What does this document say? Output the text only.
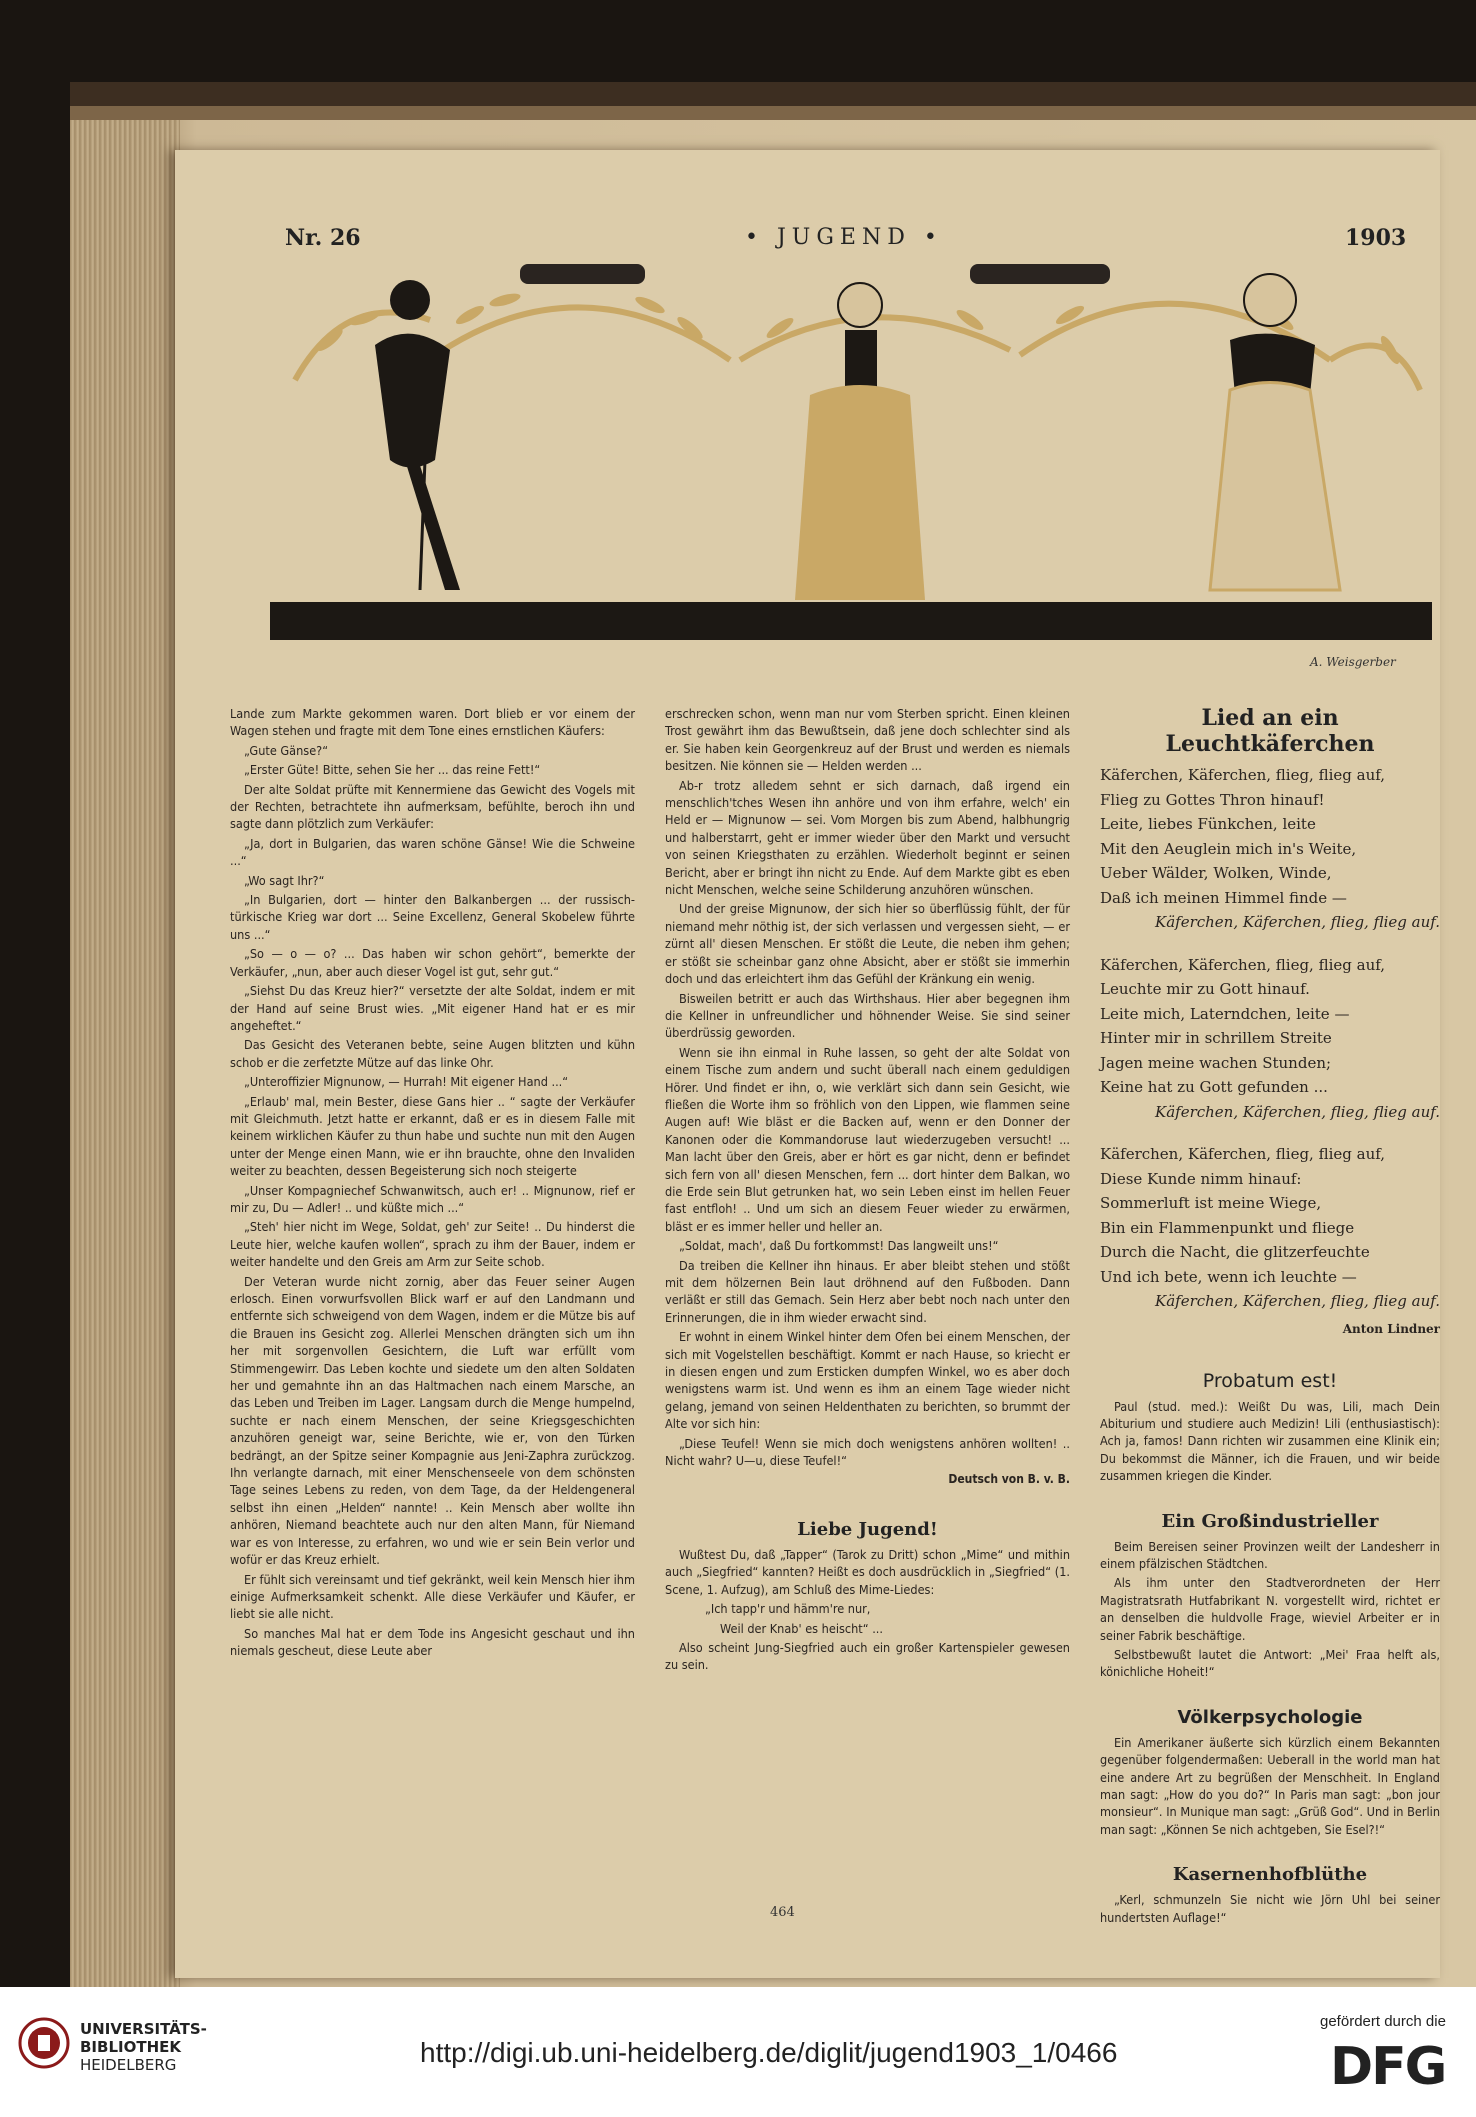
Nr. 26	• JUGEND •	1903
A. Weisgerber

Lande zum Markte gekommen waren. Dort blieb er vor einem der Wagen stehen und fragte mit dem Tone eines ernstlichen Käufers:

„Gute Gänse?“

„Erster Güte! Bitte, sehen Sie her ... das reine Fett!“

Der alte Soldat prüfte mit Kennermiene das Gewicht des Vogels mit der Rechten, betrachtete ihn aufmerksam, befühlte, beroch ihn und sagte dann plötzlich zum Verkäufer:

„Ja, dort in Bulgarien, das waren schöne Gänse! Wie die Schweine ...“

„Wo sagt Ihr?“

„In Bulgarien, dort — hinter den Balkanbergen ... der russisch-türkische Krieg war dort ... Seine Excellenz, General Skobelew führte uns ...“

„So — o — o? ... Das haben wir schon gehört“, bemerkte der Verkäufer, „nun, aber auch dieser Vogel ist gut, sehr gut.“

„Siehst Du das Kreuz hier?“ versetzte der alte Soldat, indem er mit der Hand auf seine Brust wies. „Mit eigener Hand hat er es mir angeheftet.“

Das Gesicht des Veteranen bebte, seine Augen blitzten und kühn schob er die zerfetzte Mütze auf das linke Ohr.

„Unteroffizier Mignunow, — Hurrah! Mit eigener Hand ...“

„Erlaub' mal, mein Bester, diese Gans hier .. “ sagte der Verkäufer mit Gleichmuth. Jetzt hatte er erkannt, daß er es in diesem Falle mit keinem wirklichen Käufer zu thun habe und suchte nun mit den Augen unter der Menge einen Mann, wie er ihn brauchte, ohne den Invaliden weiter zu beachten, dessen Begeisterung sich noch steigerte

„Unser Kompagniechef Schwanwitsch, auch er! .. Mignunow, rief er mir zu, Du — Adler! .. und küßte mich ...“

„Steh' hier nicht im Wege, Soldat, geh' zur Seite! .. Du hinderst die Leute hier, welche kaufen wollen“, sprach zu ihm der Bauer, indem er weiter handelte und den Greis am Arm zur Seite schob.

Der Veteran wurde nicht zornig, aber das Feuer seiner Augen erlosch. Einen vorwurfsvollen Blick warf er auf den Landmann und entfernte sich schweigend von dem Wagen, indem er die Mütze bis auf die Brauen ins Gesicht zog. Allerlei Menschen drängten sich um ihn her mit sorgenvollen Gesichtern, die Luft war erfüllt vom Stimmengewirr. Das Leben kochte und siedete um den alten Soldaten her und gemahnte ihn an das Haltmachen nach einem Marsche, an das Leben und Treiben im Lager. Langsam durch die Menge humpelnd, suchte er nach einem Menschen, der seine Kriegsgeschichten anzuhören geneigt war, seine Berichte, wie er, von den Türken bedrängt, an der Spitze seiner Kompagnie aus Jeni-Zaphra zurückzog. Ihn verlangte darnach, mit einer Menschenseele von dem schönsten Tage seines Lebens zu reden, von dem Tage, da der Heldengeneral selbst ihn einen „Helden“ nannte! .. Kein Mensch aber wollte ihn anhören, Niemand beachtete auch nur den alten Mann, für Niemand war es von Interesse, zu erfahren, wo und wie er sein Bein verlor und wofür er das Kreuz erhielt.

Er fühlt sich vereinsamt und tief gekränkt, weil kein Mensch hier ihm einige Aufmerksamkeit schenkt. Alle diese Verkäufer und Käufer, er liebt sie alle nicht.

So manches Mal hat er dem Tode ins Angesicht geschaut und ihn niemals gescheut, diese Leute aber

erschrecken schon, wenn man nur vom Sterben spricht. Einen kleinen Trost gewährt ihm das Bewußtsein, daß jene doch schlechter sind als er. Sie haben kein Georgenkreuz auf der Brust und werden es niemals besitzen. Nie können sie — Helden werden ...

Ab-r trotz alledem sehnt er sich darnach, daß irgend ein menschlich'tches Wesen ihn anhöre und von ihm erfahre, welch' ein Held er — Mignunow — sei. Vom Morgen bis zum Abend, halbhungrig und halberstarrt, geht er immer wieder über den Markt und versucht von seinen Kriegsthaten zu erzählen. Wiederholt beginnt er seinen Bericht, aber er bringt ihn nicht zu Ende. Auf dem Markte gibt es eben nicht Menschen, welche seine Schilderung anzuhören wünschen.

Und der greise Mignunow, der sich hier so überflüssig fühlt, der für niemand mehr nöthig ist, der sich verlassen und vergessen sieht, — er zürnt all' diesen Menschen. Er stößt die Leute, die neben ihm gehen; er stößt sie scheinbar ganz ohne Absicht, aber er stößt sie immerhin doch und das erleichtert ihm das Gefühl der Kränkung ein wenig.

Bisweilen betritt er auch das Wirthshaus. Hier aber begegnen ihm die Kellner in unfreundlicher und höhnender Weise. Sie sind seiner überdrüssig geworden.

Wenn sie ihn einmal in Ruhe lassen, so geht der alte Soldat von einem Tische zum andern und sucht überall nach einem geduldigen Hörer. Und findet er ihn, o, wie verklärt sich dann sein Gesicht, wie fließen die Worte ihm so fröhlich von den Lippen, wie flammen seine Augen auf! Wie bläst er die Backen auf, wenn er den Donner der Kanonen oder die Kommandoruse laut wiederzugeben versucht! ... Man lacht über den Greis, aber er hört es gar nicht, denn er befindet sich fern von all' diesen Menschen, fern ... dort hinter dem Balkan, wo die Erde sein Blut getrunken hat, wo sein Leben einst im hellen Feuer fast entfloh! .. Und um sich an diesem Feuer wieder zu erwärmen, bläst er es immer heller und heller an.

„Soldat, mach', daß Du fortkommst! Das langweilt uns!“

Da treiben die Kellner ihn hinaus. Er aber bleibt stehen und stößt mit dem hölzernen Bein laut dröhnend auf den Fußboden. Dann verläßt er still das Gemach. Sein Herz aber bebt noch nach unter den Erinnerungen, die in ihm wieder erwacht sind.

Er wohnt in einem Winkel hinter dem Ofen bei einem Menschen, der sich mit Vogelstellen beschäftigt. Kommt er nach Hause, so kriecht er in diesen engen und zum Ersticken dumpfen Winkel, wo es aber doch wenigstens warm ist. Und wenn es ihm an einem Tage wieder nicht gelang, jemand von seinen Heldenthaten zu berichten, so brummt der Alte vor sich hin:

„Diese Teufel! Wenn sie mich doch wenigstens anhören wollten! .. Nicht wahr? U—u, diese Teufel!“

Deutsch von B. v. B.

Liebe Jugend!

Wußtest Du, daß „Tapper“ (Tarok zu Dritt) schon „Mime“ und mithin auch „Siegfried“ kannten? Heißt es doch ausdrücklich in „Siegfried“ (1. Scene, 1. Aufzug), am Schluß des Mime-Liedes:

„Ich tapp'r und hämm're nur,

Weil der Knab' es heischt“ ...

Also scheint Jung-Siegfried auch ein großer Kartenspieler gewesen zu sein.

464
Lied an ein Leuchtkäferchen
Käferchen, Käferchen, flieg, flieg auf,
Flieg zu Gottes Thron hinauf!
Leite, liebes Fünkchen, leite
Mit den Aeuglein mich in's Weite,
Ueber Wälder, Wolken, Winde,
Daß ich meinen Himmel finde —
Käferchen, Käferchen, flieg, flieg auf.
Käferchen, Käferchen, flieg, flieg auf,
Leuchte mir zu Gott hinauf.
Leite mich, Laterndchen, leite —
Hinter mir in schrillem Streite
Jagen meine wachen Stunden;
Keine hat zu Gott gefunden ...
Käferchen, Käferchen, flieg, flieg auf.
Käferchen, Käferchen, flieg, flieg auf,
Diese Kunde nimm hinauf:
Sommerluft ist meine Wiege,
Bin ein Flammenpunkt und fliege
Durch die Nacht, die glitzerfeuchte
Und ich bete, wenn ich leuchte —
Käferchen, Käferchen, flieg, flieg auf.
Anton Lindner
Probatum est!

Paul (stud. med.): Weißt Du was, Lili, mach Dein Abiturium und studiere auch Medizin! Lili (enthusiastisch): Ach ja, famos! Dann richten wir zusammen eine Klinik ein; Du bekommst die Männer, ich die Frauen, und wir beide zusammen kriegen die Kinder.

Ein Großindustrieller

Beim Bereisen seiner Provinzen weilt der Landesherr in einem pfälzischen Städtchen.

Als ihm unter den Stadtverordneten der Herr Magistratsrath Hutfabrikant N. vorgestellt wird, richtet er an denselben die huldvolle Frage, wieviel Arbeiter er in seiner Fabrik beschäftige.

Selbstbewußt lautet die Antwort: „Mei' Fraa helft als, könichliche Hoheit!“

Völkerpsychologie

Ein Amerikaner äußerte sich kürzlich einem Bekannten gegenüber folgendermaßen: Ueberall in the world man hat eine andere Art zu begrüßen der Menschheit. In England man sagt: „How do you do?“ In Paris man sagt: „bon jour monsieur“. In Munique man sagt: „Grüß God“. Und in Berlin man sagt: „Können Se nich achtgeben, Sie Esel?!“

Kasernenhofblüthe

„Kerl, schmunzeln Sie nicht wie Jörn Uhl bei seiner hundertsten Auflage!“

UNIVERSITÄTS-
BIBLIOTHEK
HEIDELBERG	http://digi.ub.uni-heidelberg.de/diglit/jugend1903_1/0466
gefördert durch die
DFG
